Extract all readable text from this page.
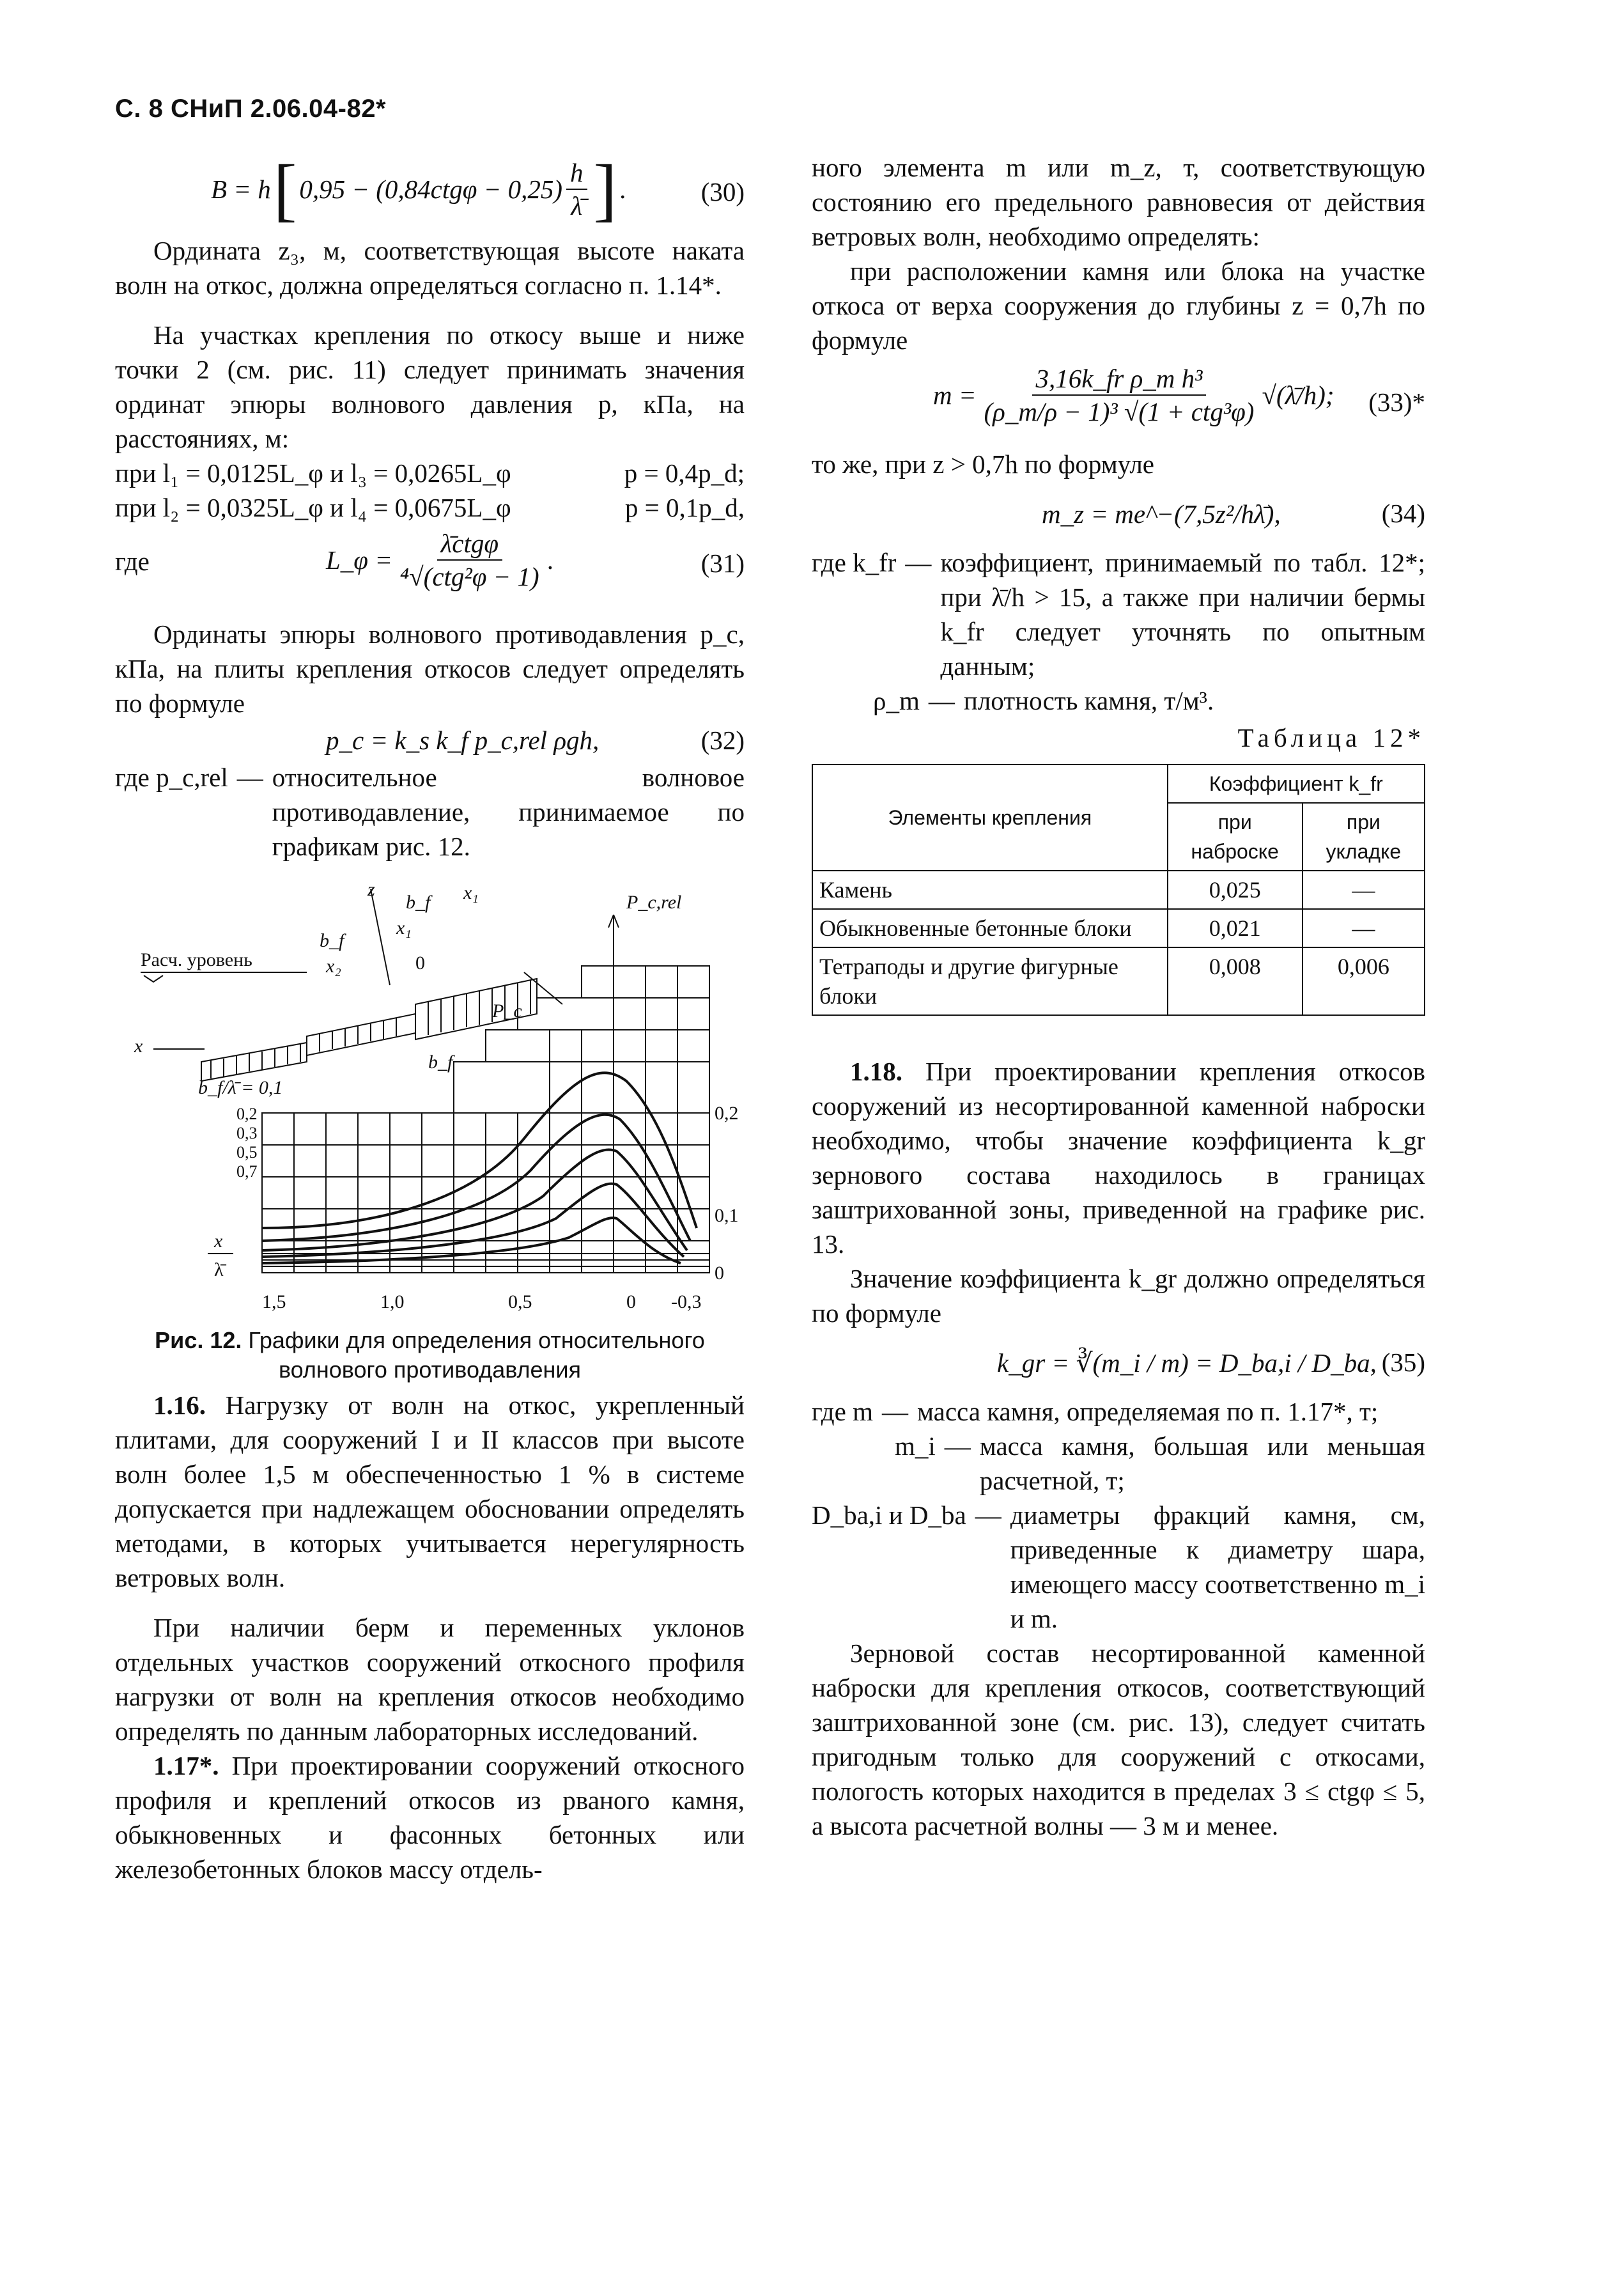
С. 8 СНиП 2.06.04-82*
B = h [ $0,95 - (0,84ctg\varphi - 0,25) \frac{h}{\lambdā}$ ] .	(30)

Ордината z₃, м, соответствующая высоте наката волн на откос, должна определяться согласно п. 1.14*.

На участках крепления по откосу выше и ниже точки 2 (см. рис. 11) следует принимать значения ординат эпюры волнового давления p, кПа, на расстояниях, м:

при l₁ = 0,0125L_φ и l₃ = 0,0265L_φ	p = 0,4p_d;
при l₂ = 0,0325L_φ и l₄ = 0,0675L_φ	p = 0,1p_d,
где	L_φ = $\frac{\text{λ̄ctgφ}}{\text{⁴√(ctg²φ − 1)}}$ .	(31)

Ординаты эпюры волнового противодавления p_c, кПа, на плиты крепления откосов следует определять по формуле

p_c = k_s k_f p_c,rel ρgh,	(32)
где p_c,rel — относительное волновое противодавление, принимаемое по графикам рис. 12.
z
b_f x₁
x₁
b_f
x₂	0
Расч. уровень
x
P_c
b_f
b_f/λ̄ = 0,1
0,2
0,3
0,5
0,7
P_c,rel
0,2
0,1
0
x
λ̄
1,5	1,0	0,5	0 -0,3
Рис. 12. Графики для определения относительного волнового противодавления

1.16. Нагрузку от волн на откос, укрепленный плитами, для сооружений I и II классов при высоте волн более 1,5 м обеспеченностью 1 % в системе допускается при надлежащем обосновании определять методами, в которых учитывается нерегулярность ветровых волн.

При наличии берм и переменных уклонов отдельных участков сооружений откосного профиля нагрузки от волн на крепления откосов необходимо определять по данным лабораторных исследований.

1.17*. При проектировании сооружений откосного профиля и креплений откосов из рваного камня, обыкновенных и фасонных бетонных или железобетонных блоков массу отдель-

ного элемента m или m_z, т, соответствующую состоянию его предельного равновесия от действия ветровых волн, необходимо определять:

при расположении камня или блока на участке откоса от верха сооружения до глубины z = 0,7h по формуле

$m = \frac{\text{3,16k\_fr ρ\_m h³}}{\text{(ρ\_m/ρ − 1)³ √(1 + ctg³φ)}}$ √(λ̄/h); (33)*

то же, при z > 0,7h по формуле

m_z = me^−(7,5z²/hλ̄),	(34)
где k_fr — коэффициент, принимаемый по табл. 12*; при λ̄/h > 15, а также при наличии бермы k_fr следует уточнять по опытным данным;
ρ_m — плотность камня, т/м³.
Таблица 12*
Элементы крепления	Коэффициент k_fr	
	при наброске	при укладке
Камень	0,025	—
Обыкновенные бетонные блоки	0,021	—
Тетраподы и другие фигурные блоки	0,008	0,006

1.18. При проектировании крепления откосов сооружений из несортированной каменной наброски необходимо, чтобы значение коэффициента k_gr зернового состава находилось в границах заштрихованной зоны, приведенной на графике рис. 13.

Значение коэффициента k_gr должно определяться по формуле

k_gr = ∛(m_i / m) = D_ba,i / D_ba, (35)
где m — масса камня, определяемая по п. 1.17*, т;
m_i — масса камня, большая или меньшая расчетной, т;
D_ba,i и D_ba — диаметры фракций камня, см, приведенные к диаметру шара, имеющего массу соответственно m_i и m.

Зерновой состав несортированной каменной наброски для крепления откосов, соответствующий заштрихованной зоне (см. рис. 13), следует считать пригодным только для сооружений с откосами, пологость которых находится в пределах 3 ≤ ctgφ ≤ 5, а высота расчетной волны — 3 м и менее.
